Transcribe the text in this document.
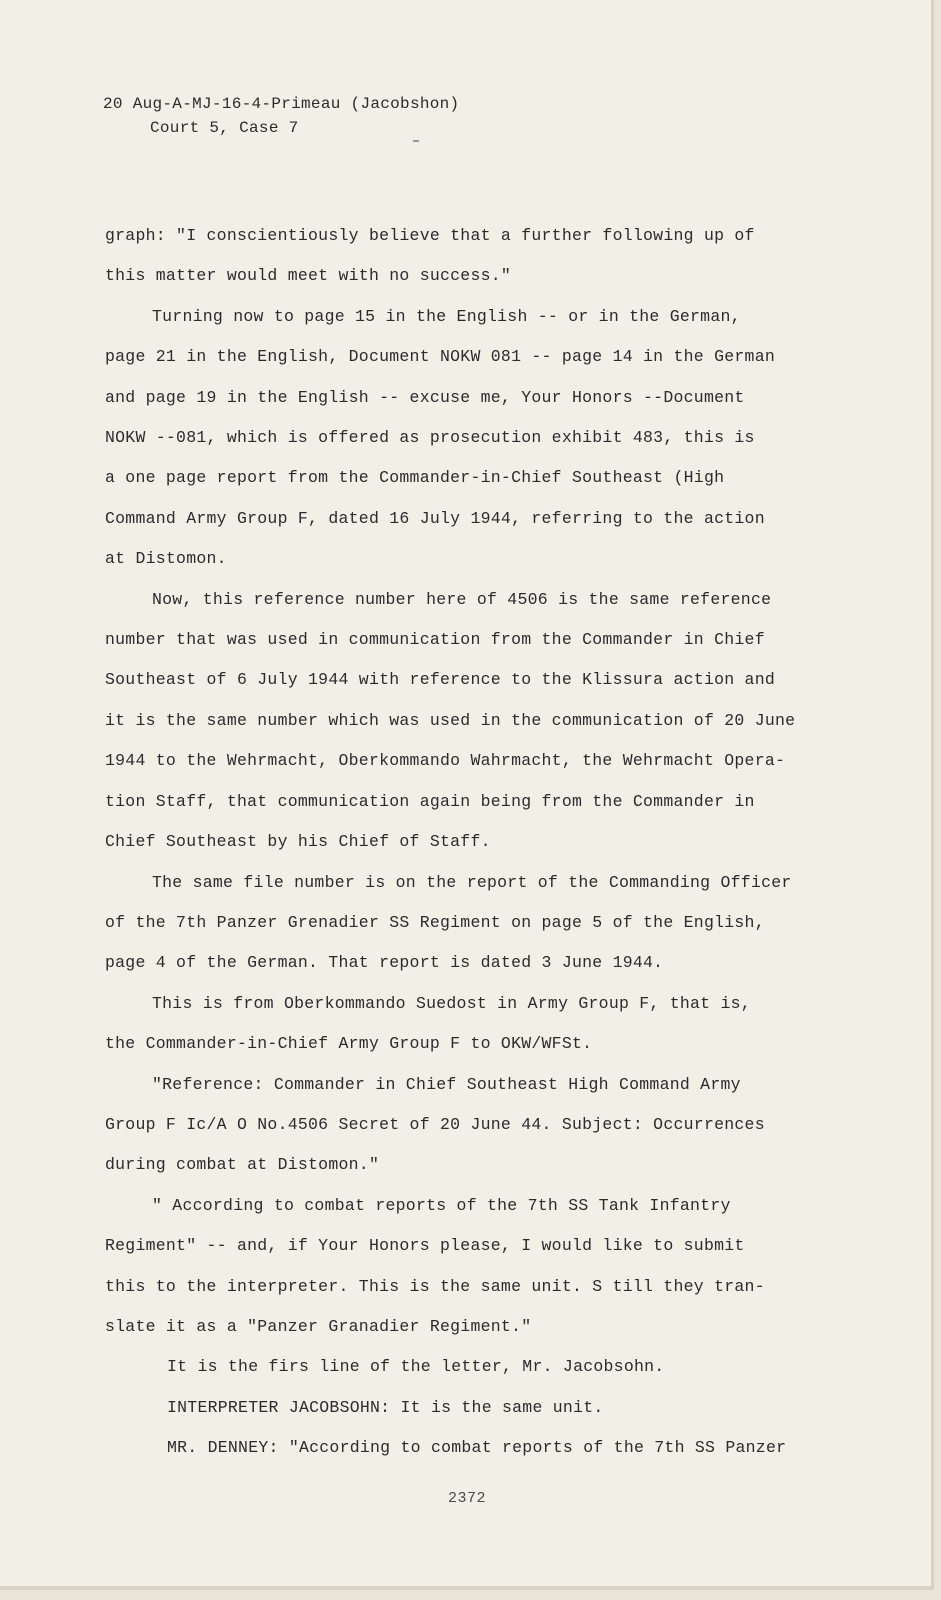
20 Aug-A-MJ-16-4-Primeau (Jacobshon)
Court 5, Case 7

graph: "I conscientiously believe that a further following up of

this matter would meet with no success."

Turning now to page 15 in the English -- or in the German,

page 21 in the English, Document NOKW 081 -- page 14 in the German

and page 19 in the English -- excuse me, Your Honors --Document

NOKW --081, which is offered as prosecution exhibit 483, this is

a one page report from the Commander-in-Chief Southeast (High

Command Army Group F, dated 16 July 1944, referring to the action

at Distomon.

Now, this reference number here of 4506 is the same reference

number that was used in communication from the Commander in Chief

Southeast of 6 July 1944 with reference to the Klissura action and

it is the same number which was used in the communication of 20 June

1944 to the Wehrmacht, Oberkommando Wahrmacht, the Wehrmacht Opera-

tion Staff, that communication again being from the Commander in

Chief Southeast by his Chief of Staff.

The same file number is on the report of the Commanding Officer

of the 7th Panzer Grenadier SS Regiment on page 5 of the English,

page 4 of the German. That report is dated 3 June 1944.

This is from Oberkommando Suedost in Army Group F, that is,

the Commander-in-Chief Army Group F to OKW/WFSt.

"Reference: Commander in Chief Southeast High Command Army

Group F Ic/A O No.4506 Secret of 20 June 44. Subject: Occurrences

during combat at Distomon."

" According to combat reports of the 7th SS Tank Infantry

Regiment" -- and, if Your Honors please, I would like to submit

this to the interpreter. This is the same unit. S till they tran-

slate it as a "Panzer Granadier Regiment."

It is the firs line of the letter, Mr. Jacobsohn.

INTERPRETER JACOBSOHN: It is the same unit.

MR. DENNEY: "According to combat reports of the 7th SS Panzer

2372
